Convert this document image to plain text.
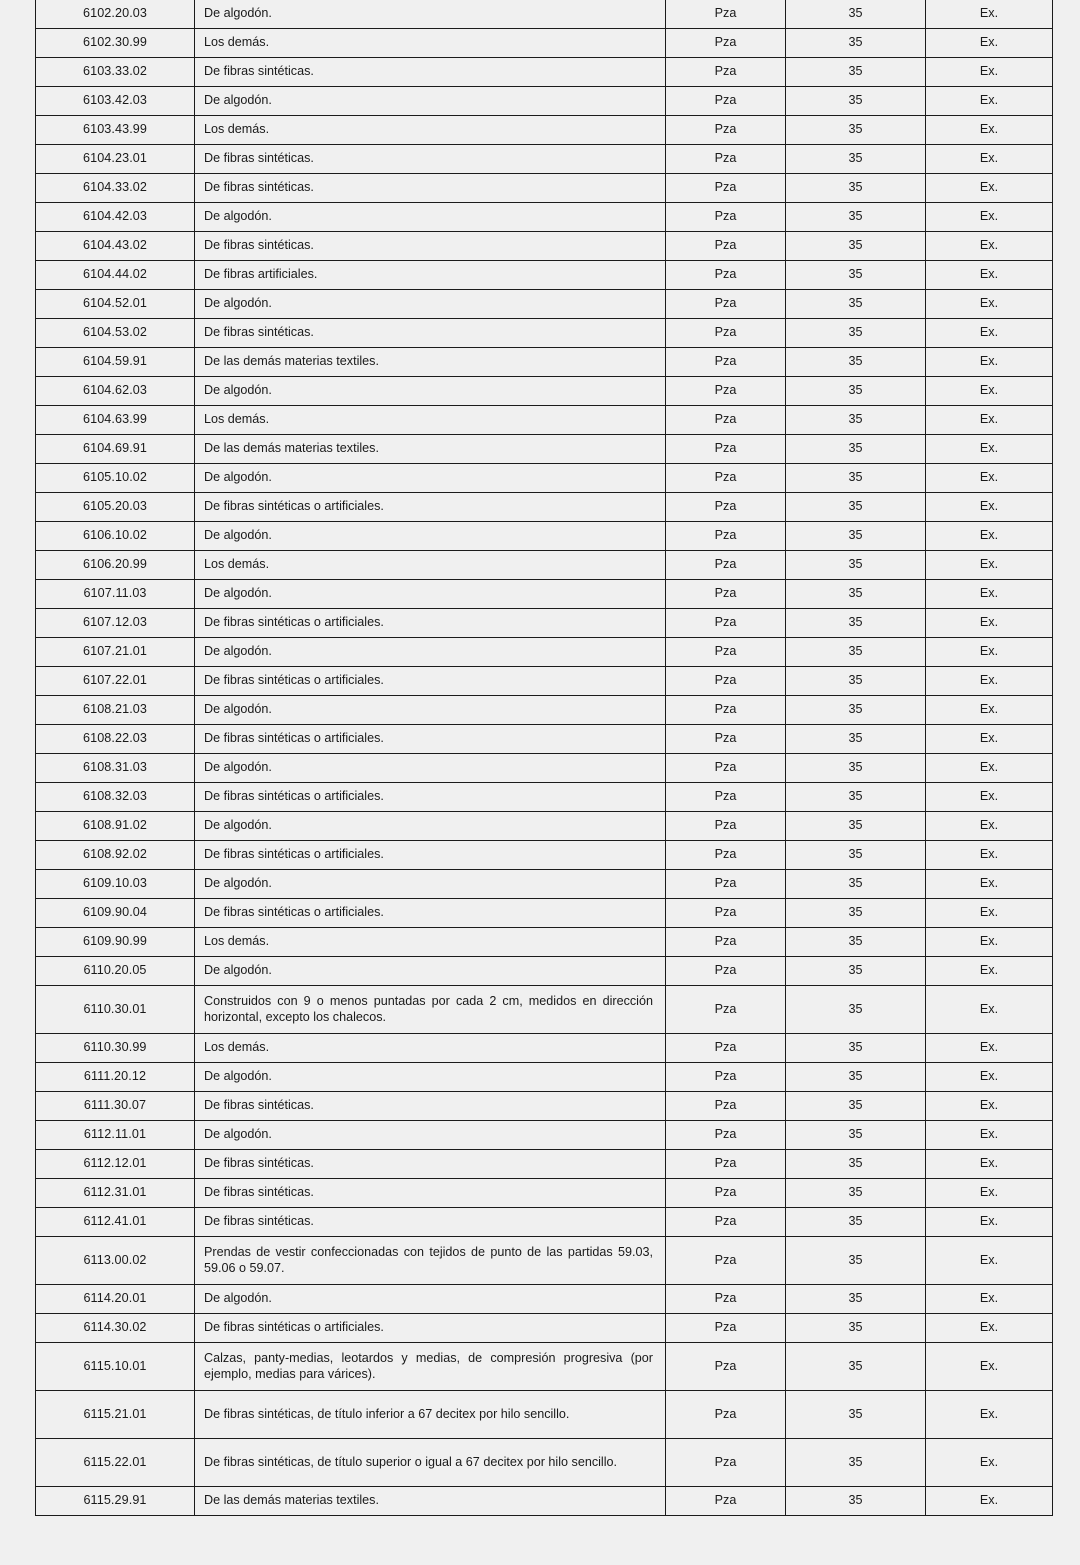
6102.20.03	De algodón.	Pza	35	Ex.
6102.30.99	Los demás.	Pza	35	Ex.
6103.33.02	De fibras sintéticas.	Pza	35	Ex.
6103.42.03	De algodón.	Pza	35	Ex.
6103.43.99	Los demás.	Pza	35	Ex.
6104.23.01	De fibras sintéticas.	Pza	35	Ex.
6104.33.02	De fibras sintéticas.	Pza	35	Ex.
6104.42.03	De algodón.	Pza	35	Ex.
6104.43.02	De fibras sintéticas.	Pza	35	Ex.
6104.44.02	De fibras artificiales.	Pza	35	Ex.
6104.52.01	De algodón.	Pza	35	Ex.
6104.53.02	De fibras sintéticas.	Pza	35	Ex.
6104.59.91	De las demás materias textiles.	Pza	35	Ex.
6104.62.03	De algodón.	Pza	35	Ex.
6104.63.99	Los demás.	Pza	35	Ex.
6104.69.91	De las demás materias textiles.	Pza	35	Ex.
6105.10.02	De algodón.	Pza	35	Ex.
6105.20.03	De fibras sintéticas o artificiales.	Pza	35	Ex.
6106.10.02	De algodón.	Pza	35	Ex.
6106.20.99	Los demás.	Pza	35	Ex.
6107.11.03	De algodón.	Pza	35	Ex.
6107.12.03	De fibras sintéticas o artificiales.	Pza	35	Ex.
6107.21.01	De algodón.	Pza	35	Ex.
6107.22.01	De fibras sintéticas o artificiales.	Pza	35	Ex.
6108.21.03	De algodón.	Pza	35	Ex.
6108.22.03	De fibras sintéticas o artificiales.	Pza	35	Ex.
6108.31.03	De algodón.	Pza	35	Ex.
6108.32.03	De fibras sintéticas o artificiales.	Pza	35	Ex.
6108.91.02	De algodón.	Pza	35	Ex.
6108.92.02	De fibras sintéticas o artificiales.	Pza	35	Ex.
6109.10.03	De algodón.	Pza	35	Ex.
6109.90.04	De fibras sintéticas o artificiales.	Pza	35	Ex.
6109.90.99	Los demás.	Pza	35	Ex.
6110.20.05	De algodón.	Pza	35	Ex.
6110.30.01	Construidos con 9 o menos puntadas por cada 2 cm, medidos en dirección horizontal, excepto los chalecos.	Pza	35	Ex.
6110.30.99	Los demás.	Pza	35	Ex.
6111.20.12	De algodón.	Pza	35	Ex.
6111.30.07	De fibras sintéticas.	Pza	35	Ex.
6112.11.01	De algodón.	Pza	35	Ex.
6112.12.01	De fibras sintéticas.	Pza	35	Ex.
6112.31.01	De fibras sintéticas.	Pza	35	Ex.
6112.41.01	De fibras sintéticas.	Pza	35	Ex.
6113.00.02	Prendas de vestir confeccionadas con tejidos de punto de las partidas 59.03, 59.06 o 59.07.	Pza	35	Ex.
6114.20.01	De algodón.	Pza	35	Ex.
6114.30.02	De fibras sintéticas o artificiales.	Pza	35	Ex.
6115.10.01	Calzas, panty-medias, leotardos y medias, de compresión progresiva (por ejemplo, medias para várices).	Pza	35	Ex.
6115.21.01	De fibras sintéticas, de título inferior a 67 decitex por hilo sencillo.	Pza	35	Ex.
6115.22.01	De fibras sintéticas, de título superior o igual a 67 decitex por hilo sencillo.	Pza	35	Ex.
6115.29.91	De las demás materias textiles.	Pza	35	Ex.
